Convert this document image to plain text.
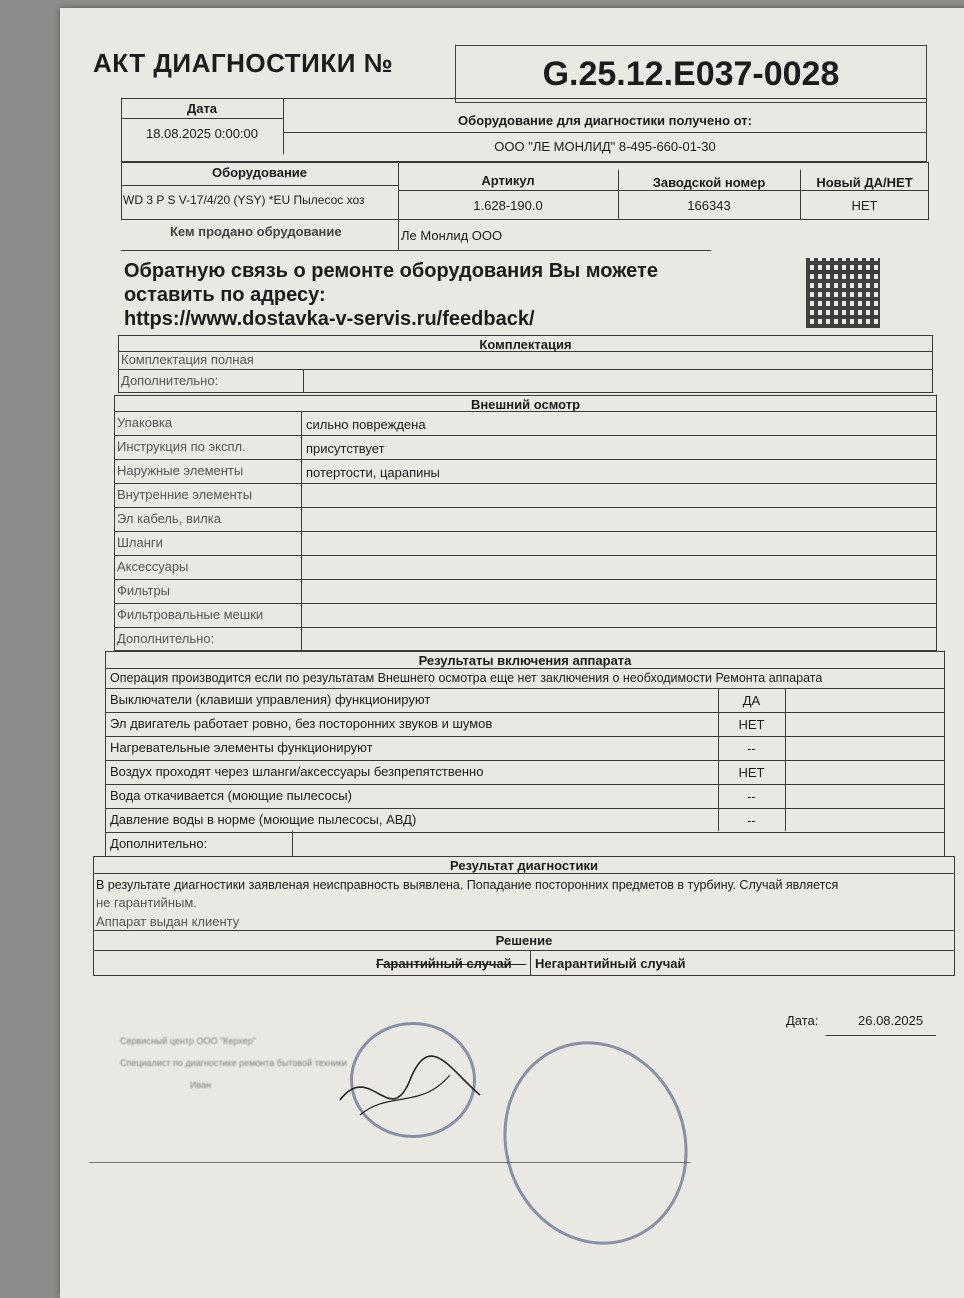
АКТ ДИАГНОСТИКИ №	G.25.12.E037-0028
Дата
18.08.2025 0:00:00
Оборудование для диагностики получено от:
ООО "ЛЕ МОНЛИД" 8-495-660-01-30
Оборудование
WD 3 P S V-17/4/20 (YSY) *EU Пылесос хоз
Артикул
1.628-190.0
Заводской номер
166343
Новый ДА/НЕТ
НЕТ
Кем продано обрудование	Ле Монлид ООО
Обратную связь о ремонте оборудования Вы можете
оставить по адресу:
https://www.dostavka-v-servis.ru/feedback/
Комплектация
Комплектация полная
Дополнительно:
Внешний осмотр
Упаковка	сильно повреждена
Инструкция по экспл.	присутствует
Наружные элементы	потертости, царапины
Внутренние элементы
Эл кабель, вилка
Шланги
Аксессуары
Фильтры
Фильтровальные мешки
Дополнительно:
Результаты включения аппарата
Операция производится если по результатам Внешнего осмотра еще нет заключения о необходимости Ремонта аппарата
Выключатели (клавиши управления) функционируют	ДА
Эл двигатель работает ровно, без посторонних звуков и шумов	НЕТ
Нагревательные элементы функционируют	--
Воздух проходят через шланги/аксессуары безпрепятственно	НЕТ
Вода откачивается (моющие пылесосы)	--
Давление воды в норме (моющие пылесосы, АВД)	--
Дополнительно:
Результат диагностики
В результате диагностики заявленая неисправность выявлена. Попадание посторонних предметов в турбину. Случай является
не гарантийным.
Аппарат выдан клиенту
Решение
Гарантийный случай Негарантийный случай
Дата:	26.08.2025
Сервисный центр ООО "Керхер"
Специалист по диагностике ремонта бытовой техники
Иван
